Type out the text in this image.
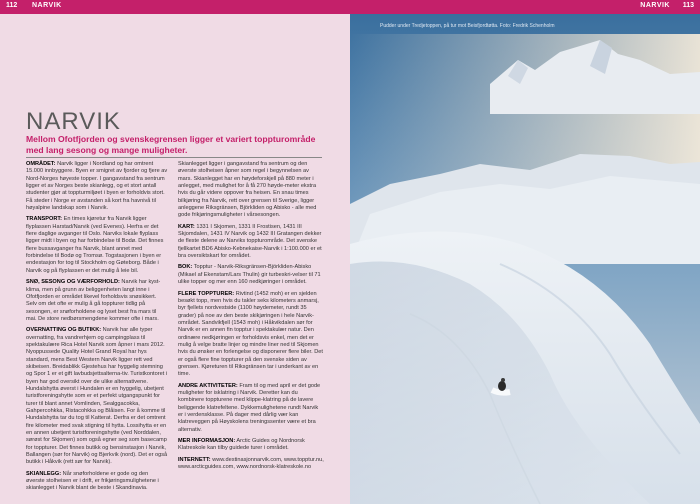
112 NARVIK
NARVIK
Mellom Ofotfjorden og svenskegrensen ligger et variert toppturområde med lang sesong og mange muligheter.

OMRÅDET: Narvik ligger i Nordland og har omtrent 15.000 innbyggere. Byen er smigret av fjorder og fjere av Nord-Norges høyeste topper. I gangavstand fra sentrum ligger et av Norges beste skianlegg, og et stort antall studenter gjør at toppturmiljøet i byen er forholdvis stort. Få steder i Norge er avstanden så kort fra havnivå til høyalpine landskap som i Narvik.

TRANSPORT: En times kjøretur fra Narvik ligger flyplassen Harstad/Narvik (ved Evenes). Herfra er det flere daglige avganger til Oslo. Narviks lokale flyplass ligger midt i byen og har forbindelse til Bodø. Det finnes flere bussavganger fra Narvik, blant annet med forbindelse til Bodø og Tromsø. Togstasjonen i byen er endestasjon for tog til Stockholm og Gøteborg. Både i Narvik og på flyplassen er det mulig å leie bil.

SNØ, SESONG OG VÆRFORHOLD: Narvik har kyst-klima, men på grunn av beliggenheten langt inne i Ofotfjorden er området likevel forholdsvis snøsikkert. Selv om det ofte er mulig å gå toppturer tidlig på sesongen, er snøforholdene og lyset best fra mars til mai. De store nedbørsmengdene kommer ofte i mars.

OVERNATTING OG BUTIKK: Narvik har alle typer overnatting, fra vandrerhjem og campingplass til spektakulære Rica Hotel Narvik som åpner i mars 2012. Nyoppussede Quality Hotel Grand Royal har hys standard, mens Best Western Narvik ligger rett ved skibeisen. Breidablikk Gjestehus har hyggelig stemning og Spor 1 er et gift lavbudsjettsalterna-tiv. Turistkontoret i byen har god oversikt over de ulike alternativene. Hundalshytta øverst i Hundalen er en hyggelig, ubetjent turistforeningshytte som er et perfekt utgangspunkt for turer til blant annet Vomlinden, Sealggacokka, Gahpercohkka, Ristacohkka og Blåisen. For å komme til Hundalshytta tar du tog til Katterat. Derfra er det omtrent fire kilometer med svak stigning til hytta. Lossihytta er en en annen ubetjent turistforeningshytte (ved Norddalen, sørøst for Skjomen) som også egner seg som basecamp for toppturer. Det finnes butikk og bensinstasjon i Narvik, Ballangen (sør for Narvik) og Bjerkvik (nord). Det er også butikk i Håkvik (rett sør for Narvik).

SKIANLEGG: Når snøforholdene er gode og den øverste stolheisen er i drift, er frikjøringsmulighetene i skianlegget i Narvik blant de beste i Skandinavia.

Skianlegget ligger i gangavstand fra sentrum og den øverste stolheisen åpner som regel i begynnelsen av mars. Skianlegget har en høydeforskjell på 880 meter i anlegget, med mulighet for å få 270 høyde-meter ekstra hvis du går videre oppover fra heisen. En snau times bilkjøring fra Narvik, rett over grensen til Sverige, ligger anleggene Riksgränsen, Björkliden og Abisko - alle med gode frikjøringsmuligheter i vårsesongen.

KART: 1331 I Skjomen, 1331 II Frostisen, 1431 III Skjomdalen, 1431 IV Narvik og 1432 III Gratangen dekker de fleste delene av Narviks toppturområde. Det svenske fjellkartet BD6 Abisko-Kebnekaise-Narvik i 1:100.000 er et bra oversiktskart for området.

BOK: Topptur - Narvik-Riksgränsen-Björkliden-Abisko (Mikael af Ekenstam/Lars Thulin) gir turbeskri-velser til 71 ulike topper og mer enn 160 nedkjøringer i området.

FLERE TOPPTURER: Rivtind (1452 moh) er en sjelden besøkt topp, men hvis du takler seks kilometers anmarsj, byr fjellets nordvestside (1100 høydemeter, rundt 35 grader) på noe av den beste skikjøringen i hele Narvik-området. Sandvikfjell (1543 moh) i Håkvikdalen sør for Narvik er en annen fin topptur i spektakulær natur. Den ordinære nedkjøringen er forholdsvis enkel, men det er mulig å velge bratte linjer og mindre liner ned til Skjomen hvis du ønsker en forlengelse og disponerer flere biler. Det er også flere fine toppturer på den svenske siden av grensen. Kjøreturen til Riksgränsen tar i underkant av en time.

ANDRE AKTIVITETER: Fram til og med april er det gode muligheter for isklatring i Narvik. Deretter kan du kombinere toppturene med klippe-klatring på de lavere beliggende klatrefeltene. Dykkemulighetene rundt Narvik er i verdensklasse. På dager med dårlig vær kan klatreveggen på Høyskolens treningssenter være et bra alternativ.

MER INFORMASJON: Arctic Guides og Nordnorsk Klatreskole kan tilby guidede turer i området.

INTERNETT: www.destinasjonnarvik.com, www.topptur.nu, www.arcticguides.com, www.nordnorsk-klatreskole.no

NARVIK 113
Pudder under Tredjetoppen, på tur mot Beisfjordtøtta. Foto: Fredrik Schenholm
